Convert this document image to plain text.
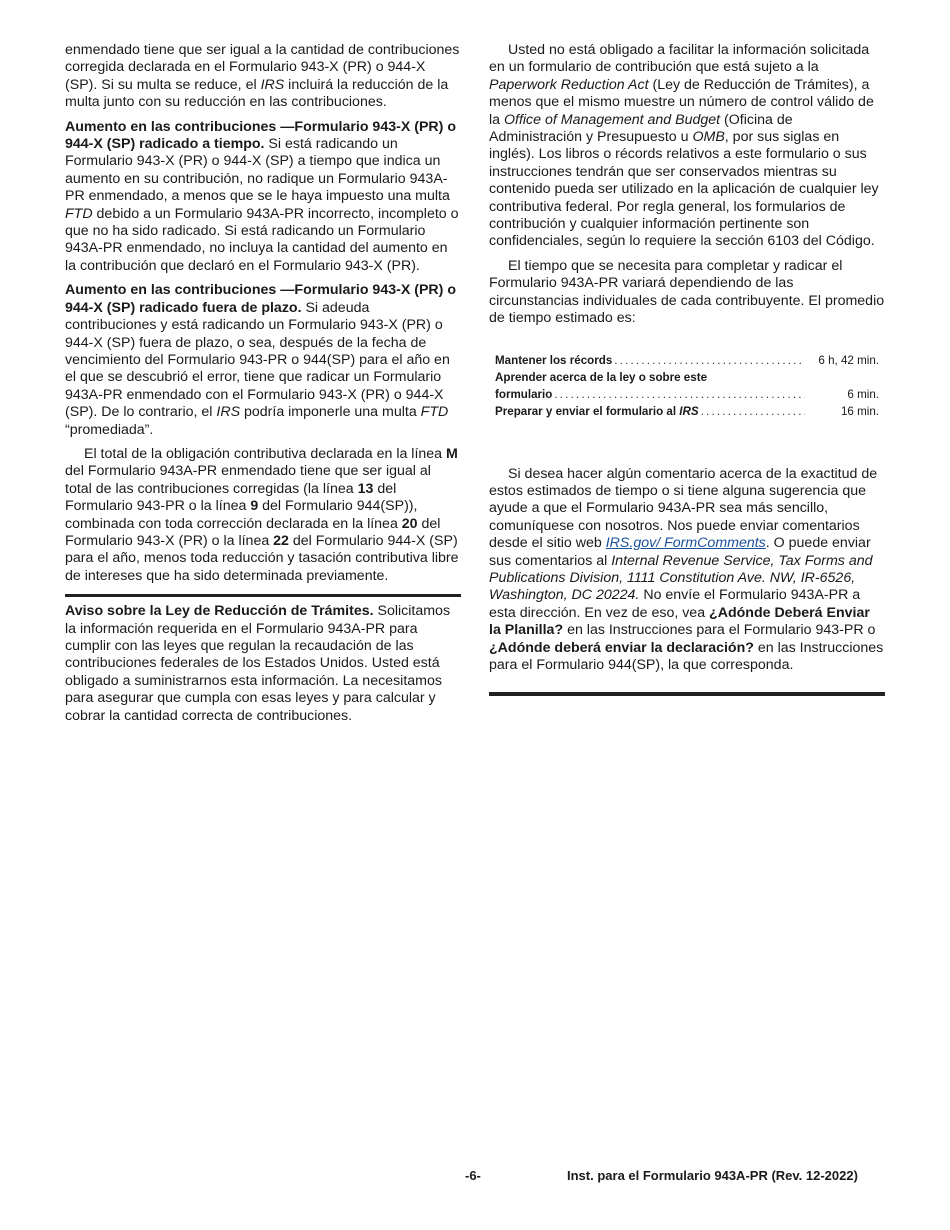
enmendado tiene que ser igual a la cantidad de contribuciones corregida declarada en el Formulario 943-X (PR) o 944-X (SP). Si su multa se reduce, el IRS incluirá la reducción de la multa junto con su reducción en las contribuciones.

Aumento en las contribuciones —Formulario 943-X (PR) o 944-X (SP) radicado a tiempo. Si está radicando un Formulario 943-X (PR) o 944-X (SP) a tiempo que indica un aumento en su contribución, no radique un Formulario 943A-PR enmendado, a menos que se le haya impuesto una multa FTD debido a un Formulario 943A-PR incorrecto, incompleto o que no ha sido radicado. Si está radicando un Formulario 943A-PR enmendado, no incluya la cantidad del aumento en la contribución que declaró en el Formulario 943-X (PR).

Aumento en las contribuciones —Formulario 943-X (PR) o 944-X (SP) radicado fuera de plazo. Si adeuda contribuciones y está radicando un Formulario 943-X (PR) o 944-X (SP) fuera de plazo, o sea, después de la fecha de vencimiento del Formulario 943-PR o 944(SP) para el año en el que se descubrió el error, tiene que radicar un Formulario 943A-PR enmendado con el Formulario 943-X (PR) o 944-X (SP). De lo contrario, el IRS podría imponerle una multa FTD “promediada”.

El total de la obligación contributiva declarada en la línea M del Formulario 943A-PR enmendado tiene que ser igual al total de las contribuciones corregidas (la línea 13 del Formulario 943-PR o la línea 9 del Formulario 944(SP)), combinada con toda corrección declarada en la línea 20 del Formulario 943-X (PR) o la línea 22 del Formulario 944-X (SP) para el año, menos toda reducción y tasación contributiva libre de intereses que ha sido determinada previamente.

Aviso sobre la Ley de Reducción de Trámites. Solicitamos la información requerida en el Formulario 943A-PR para cumplir con las leyes que regulan la recaudación de las contribuciones federales de los Estados Unidos. Usted está obligado a suministrarnos esta información. La necesitamos para asegurar que cumpla con esas leyes y para calcular y cobrar la cantidad correcta de contribuciones.

Usted no está obligado a facilitar la información solicitada en un formulario de contribución que está sujeto a la Paperwork Reduction Act (Ley de Reducción de Trámites), a menos que el mismo muestre un número de control válido de la Office of Management and Budget (Oficina de Administración y Presupuesto u OMB, por sus siglas en inglés). Los libros o récords relativos a este formulario o sus instrucciones tendrán que ser conservados mientras su contenido pueda ser utilizado en la aplicación de cualquier ley contributiva federal. Por regla general, los formularios de contribución y cualquier información pertinente son confidenciales, según lo requiere la sección 6103 del Código.

El tiempo que se necesita para completar y radicar el Formulario 943A-PR variará dependiendo de las circunstancias individuales de cada contribuyente. El promedio de tiempo estimado es:

Mantener los récords .....	6 h, 42 min.
Aprender acerca de la ley o sobre este
formulario .....	6 min.
Preparar y enviar el formulario al IRS .....	16 min.

Si desea hacer algún comentario acerca de la exactitud de estos estimados de tiempo o si tiene alguna sugerencia que ayude a que el Formulario 943A-PR sea más sencillo, comuníquese con nosotros. Nos puede enviar comentarios desde el sitio web IRS.gov/ FormComments. O puede enviar sus comentarios al Internal Revenue Service, Tax Forms and Publications Division, 1111 Constitution Ave. NW, IR-6526, Washington, DC 20224. No envíe el Formulario 943A-PR a esta dirección. En vez de eso, vea ¿Adónde Deberá Enviar la Planilla? en las Instrucciones para el Formulario 943-PR o ¿Adónde deberá enviar la declaración? en las Instrucciones para el Formulario 944(SP), la que corresponda.

-6-	Inst. para el Formulario 943A-PR (Rev. 12-2022)
